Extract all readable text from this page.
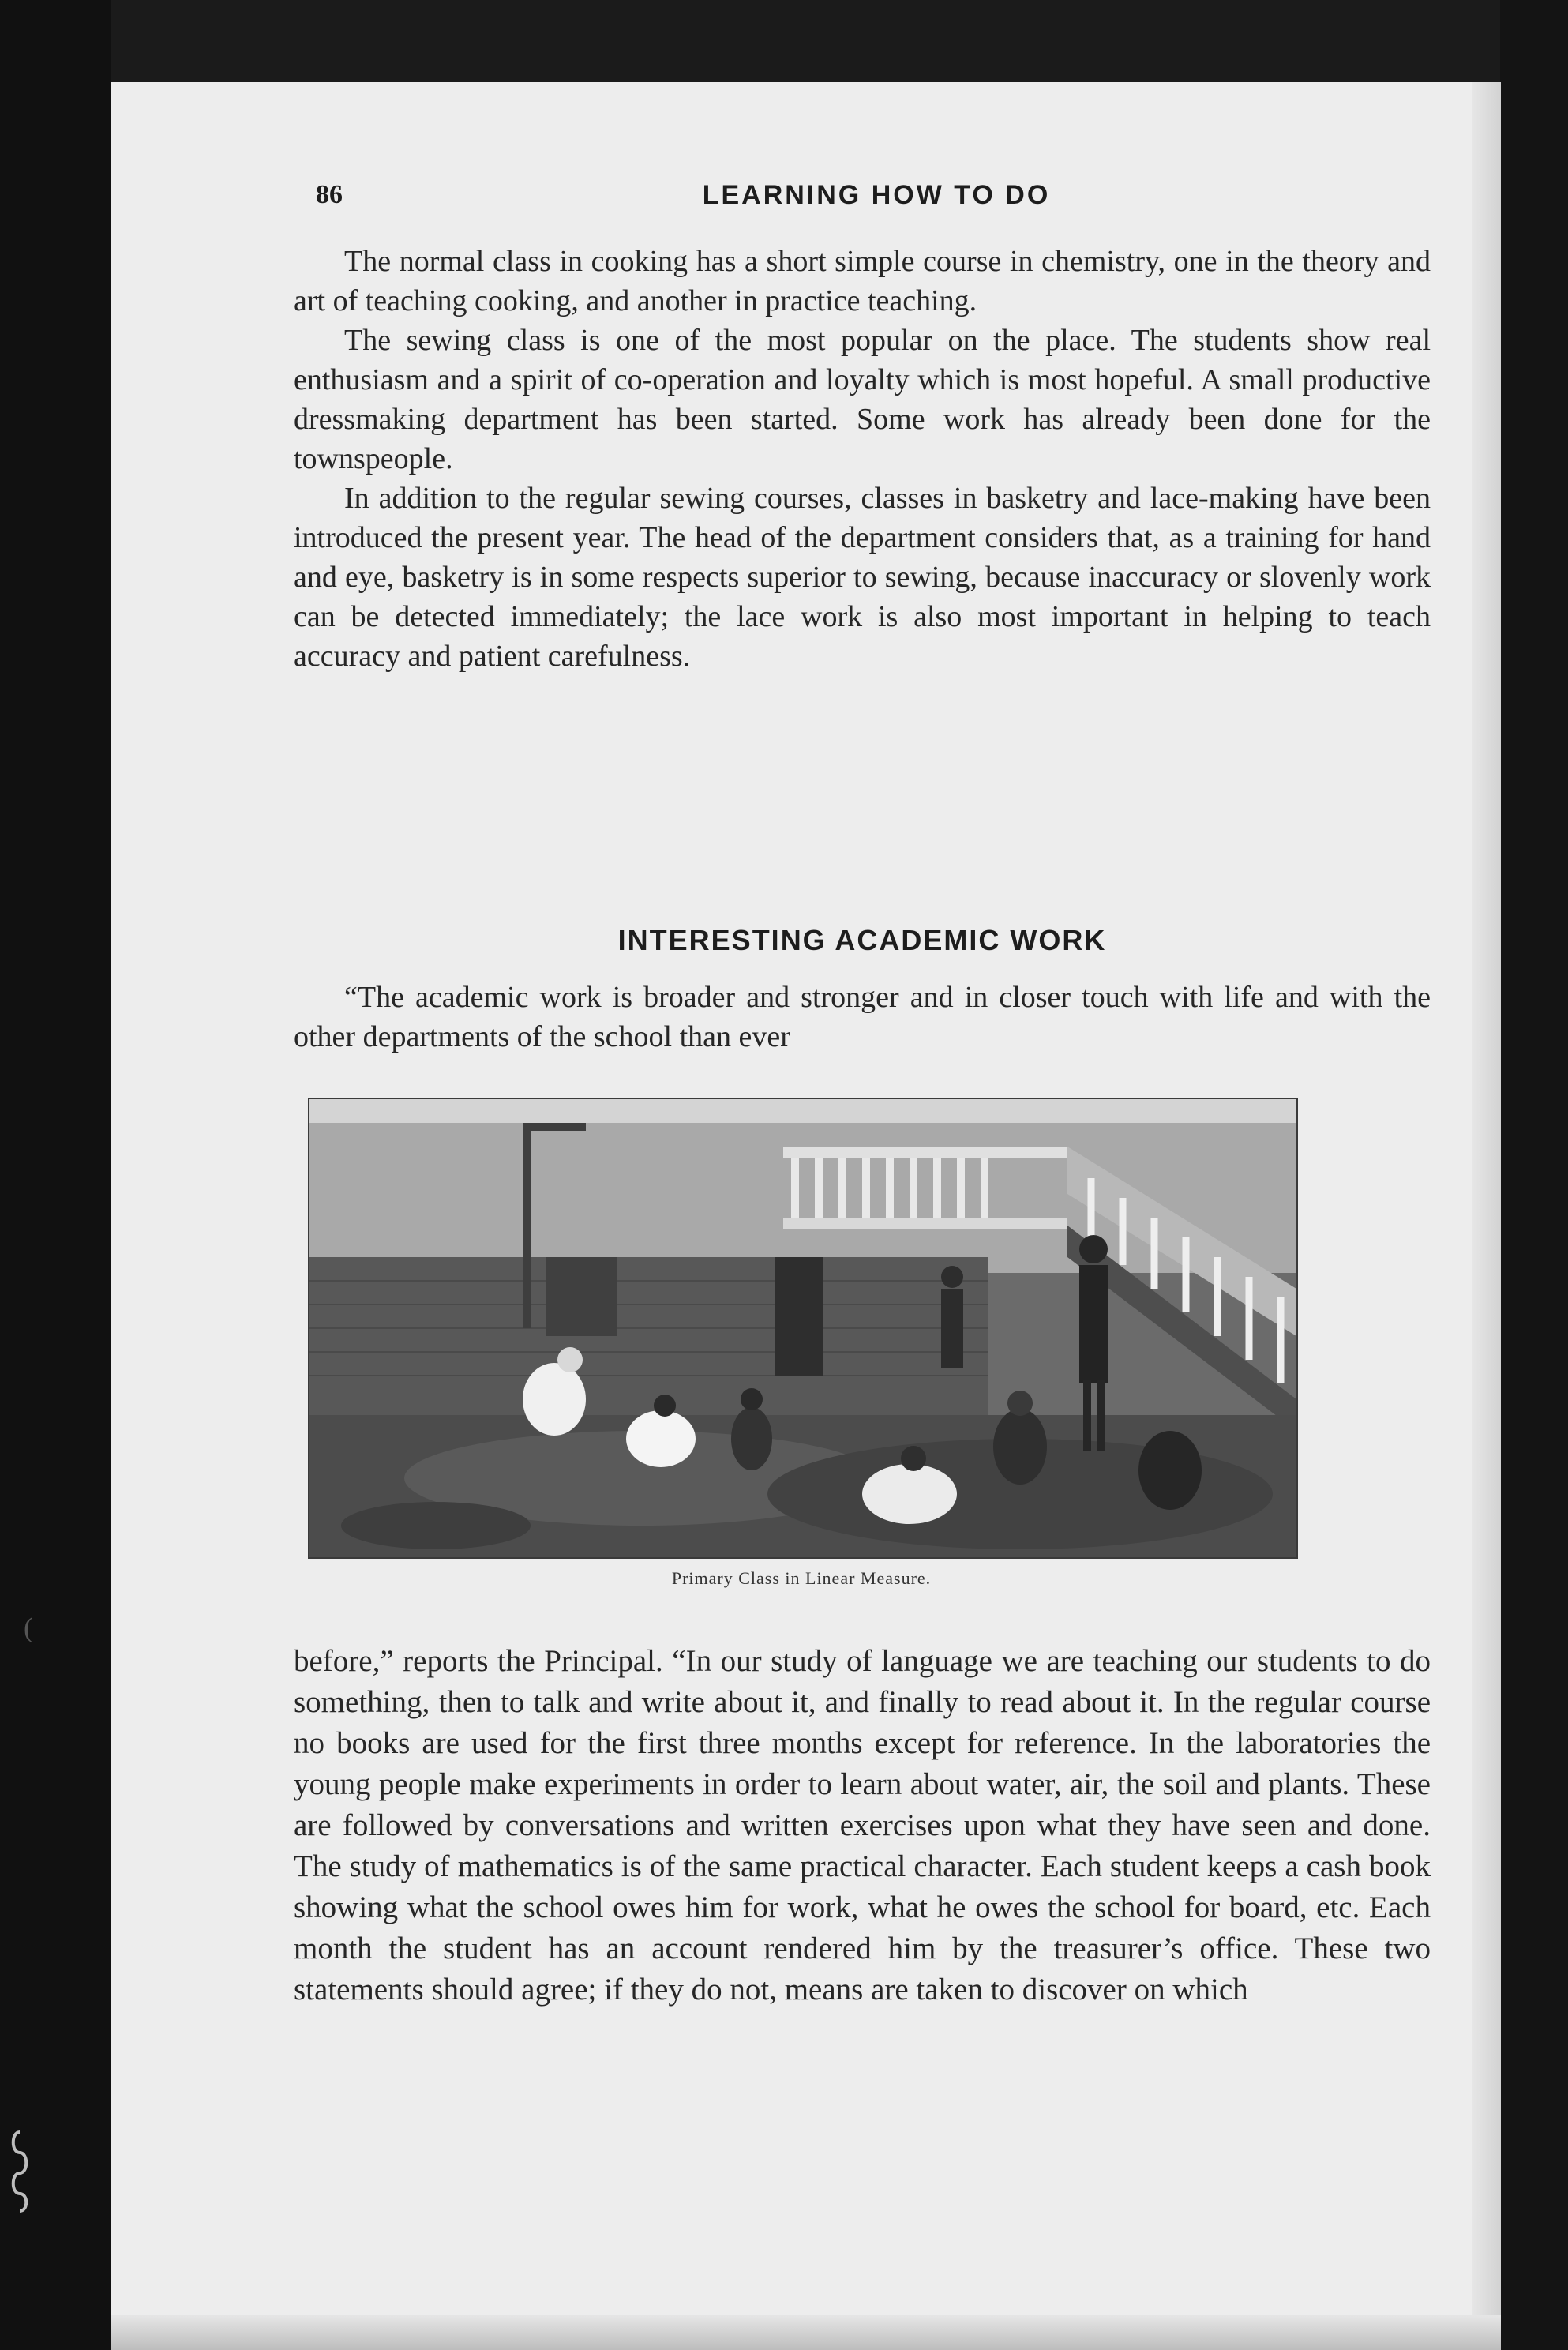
86	LEARNING HOW TO DO

The normal class in cooking has a short simple course in chemistry, one in the theory and art of teaching cooking, and another in practice teaching.

The sewing class is one of the most popular on the place. The students show real enthusiasm and a spirit of co-operation and loyalty which is most hopeful. A small productive dressmaking department has been started. Some work has already been done for the townspeople.

In addition to the regular sewing courses, classes in basketry and lace-making have been introduced the present year. The head of the department considers that, as a training for hand and eye, basketry is in some respects superior to sewing, because inaccuracy or slovenly work can be detected immediately; the lace work is also most important in helping to teach accuracy and patient carefulness.

INTERESTING ACADEMIC WORK

“The academic work is broader and stronger and in closer touch with life and with the other departments of the school than ever

Primary Class in Linear Measure.

before,” reports the Principal. “In our study of language we are teaching our students to do something, then to talk and write about it, and finally to read about it. In the regular course no books are used for the first three months except for reference. In the laboratories the young people make experiments in order to learn about water, air, the soil and plants. These are followed by conversations and written exercises upon what they have seen and done. The study of mathematics is of the same practical character. Each student keeps a cash book showing what the school owes him for work, what he owes the school for board, etc. Each month the student has an account rendered him by the treasurer’s office. These two statements should agree; if they do not, means are taken to discover on which

(
